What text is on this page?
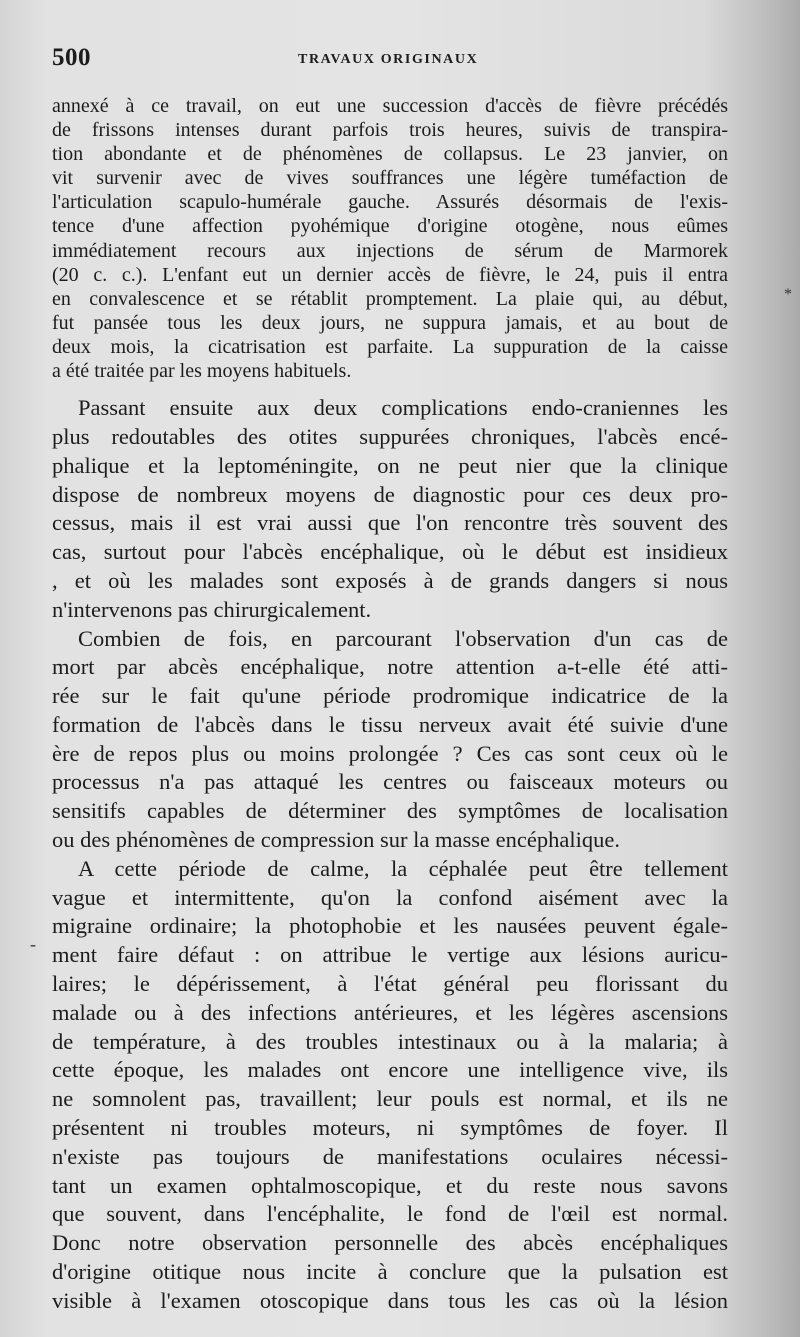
500	TRAVAUX ORIGINAUX
*
-
annexé à ce travail, on eut une succession d'accès de fièvre précédés
de frissons intenses durant parfois trois heures, suivis de transpira-
tion abondante et de phénomènes de collapsus. Le 23 janvier, on
vit survenir avec de vives souffrances une légère tuméfaction de
l'articulation scapulo-humérale gauche. Assurés désormais de l'exis-
tence d'une affection pyohémique d'origine otogène, nous eûmes
immédiatement recours aux injections de sérum de Marmorek
(20 c. c.). L'enfant eut un dernier accès de fièvre, le 24, puis il entra
en convalescence et se rétablit promptement. La plaie qui, au début,
fut pansée tous les deux jours, ne suppura jamais, et au bout de
deux mois, la cicatrisation est parfaite. La suppuration de la caisse
a été traitée par les moyens habituels.
Passant ensuite aux deux complications endo-craniennes les
plus redoutables des otites suppurées chroniques, l'abcès encé-
phalique et la leptoméningite, on ne peut nier que la clinique
dispose de nombreux moyens de diagnostic pour ces deux pro-
cessus, mais il est vrai aussi que l'on rencontre très souvent des
cas, surtout pour l'abcès encéphalique, où le début est insidieux
, et où les malades sont exposés à de grands dangers si nous
n'intervenons pas chirurgicalement.
Combien de fois, en parcourant l'observation d'un cas de
mort par abcès encéphalique, notre attention a-t-elle été atti-
rée sur le fait qu'une période prodromique indicatrice de la
formation de l'abcès dans le tissu nerveux avait été suivie d'une
ère de repos plus ou moins prolongée ? Ces cas sont ceux où le
processus n'a pas attaqué les centres ou faisceaux moteurs ou
sensitifs capables de déterminer des symptômes de localisation
ou des phénomènes de compression sur la masse encéphalique.
A cette période de calme, la céphalée peut être tellement
vague et intermittente, qu'on la confond aisément avec la
migraine ordinaire; la photophobie et les nausées peuvent égale-
ment faire défaut : on attribue le vertige aux lésions auricu-
laires; le dépérissement, à l'état général peu florissant du
malade ou à des infections antérieures, et les légères ascensions
de température, à des troubles intestinaux ou à la malaria; à
cette époque, les malades ont encore une intelligence vive, ils
ne somnolent pas, travaillent; leur pouls est normal, et ils ne
présentent ni troubles moteurs, ni symptômes de foyer. Il
n'existe pas toujours de manifestations oculaires nécessi-
tant un examen ophtalmoscopique, et du reste nous savons
que souvent, dans l'encéphalite, le fond de l'œil est normal.
Donc notre observation personnelle des abcès encéphaliques
d'origine otitique nous incite à conclure que la pulsation est
visible à l'examen otoscopique dans tous les cas où la lésion
